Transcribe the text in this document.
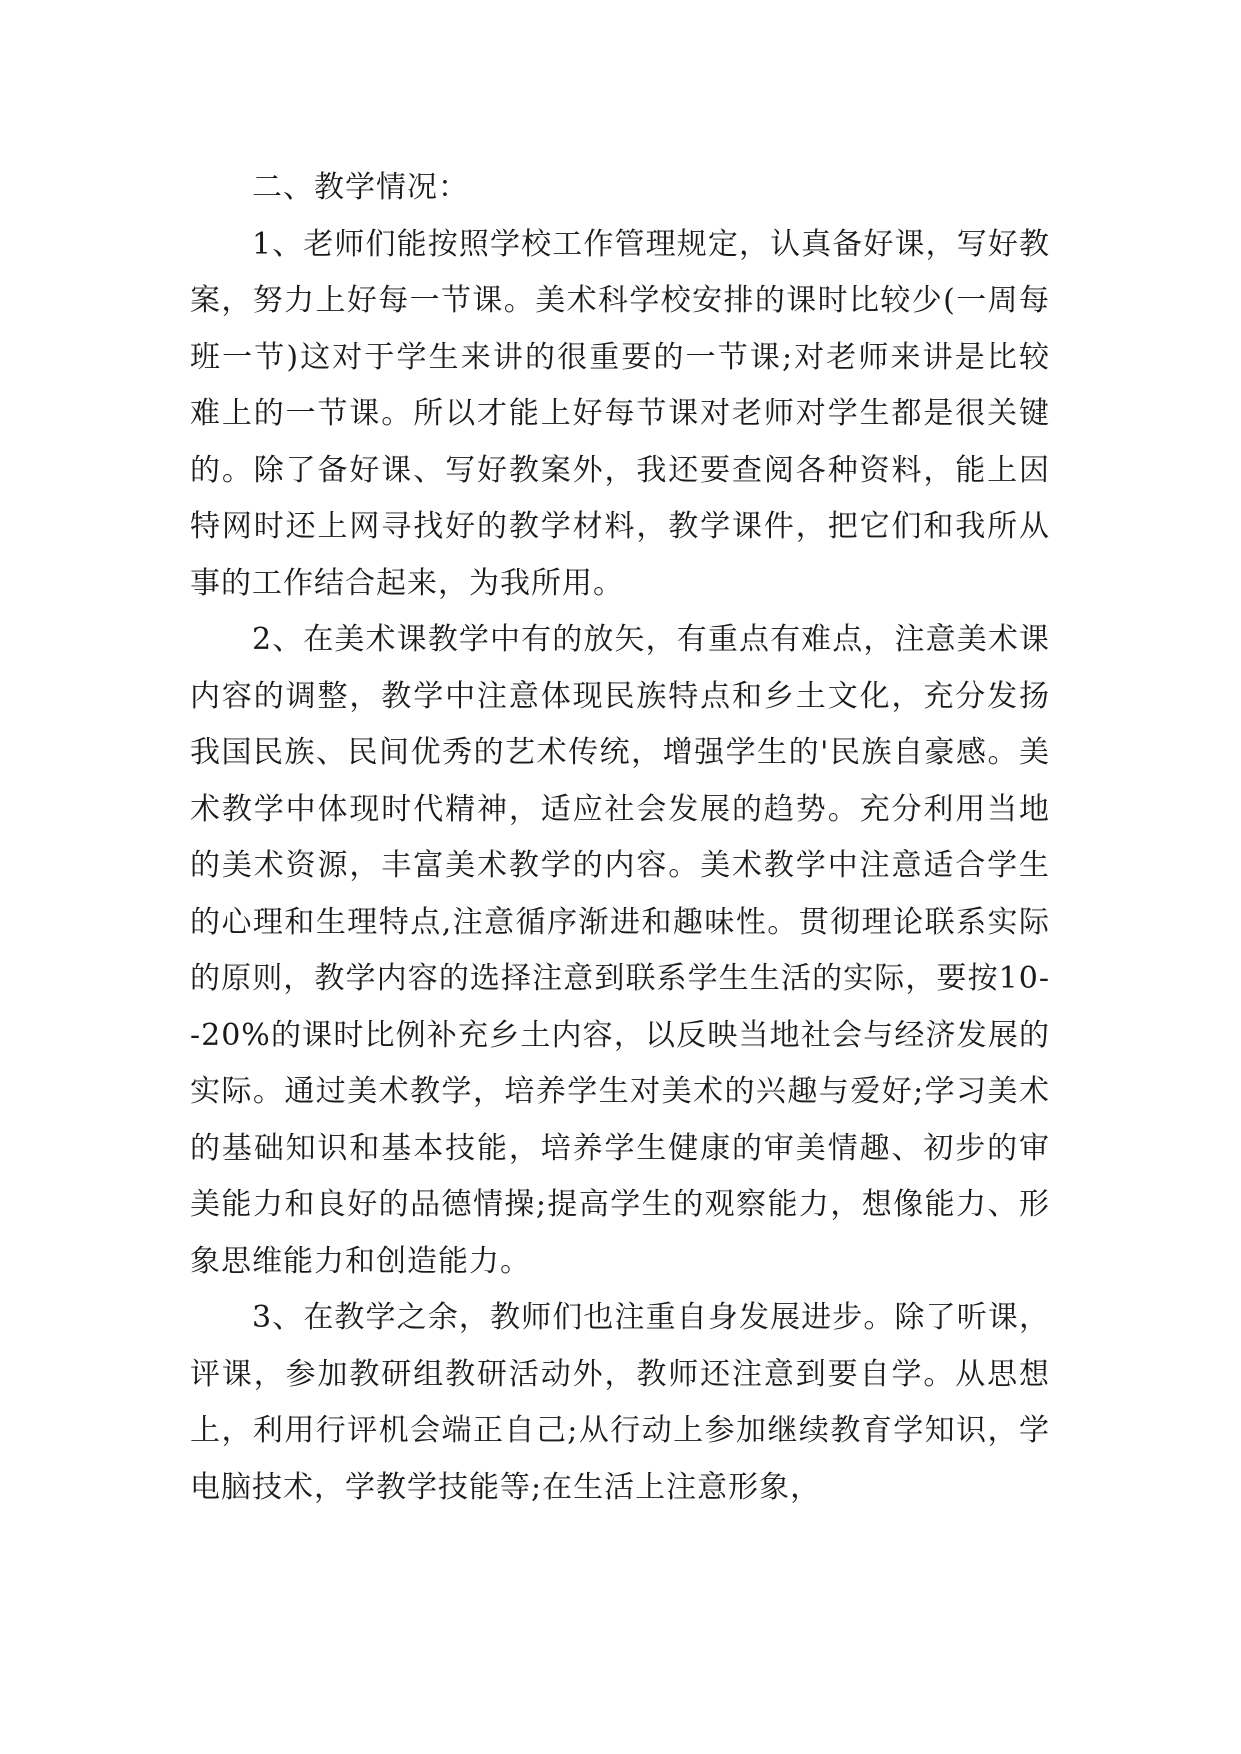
二、教学情况：

1、老师们能按照学校工作管理规定，认真备好课，写好教案，努力上好每一节课。美术科学校安排的课时比较少(一周每班一节)这对于学生来讲的很重要的一节课;对老师来讲是比较难上的一节课。所以才能上好每节课对老师对学生都是很关键的。除了备好课、写好教案外，我还要查阅各种资料，能上因特网时还上网寻找好的教学材料，教学课件，把它们和我所从事的工作结合起来，为我所用。

2、在美术课教学中有的放矢，有重点有难点，注意美术课内容的调整，教学中注意体现民族特点和乡土文化，充分发扬我国民族、民间优秀的艺术传统，增强学生的'民族自豪感。美术教学中体现时代精神，适应社会发展的趋势。充分利用当地的美术资源，丰富美术教学的内容。美术教学中注意适合学生的心理和生理特点,注意循序渐进和趣味性。贯彻理论联系实际的原则，教学内容的选择注意到联系学生生活的实际，要按10--20%的课时比例补充乡土内容，以反映当地社会与经济发展的实际。通过美术教学，培养学生对美术的兴趣与爱好;学习美术的基础知识和基本技能，培养学生健康的审美情趣、初步的审美能力和良好的品德情操;提高学生的观察能力，想像能力、形象思维能力和创造能力。

3、在教学之余，教师们也注重自身发展进步。除了听课，评课，参加教研组教研活动外，教师还注意到要自学。从思想上，利用行评机会端正自己;从行动上参加继续教育学知识，学电脑技术，学教学技能等;在生活上注意形象，
